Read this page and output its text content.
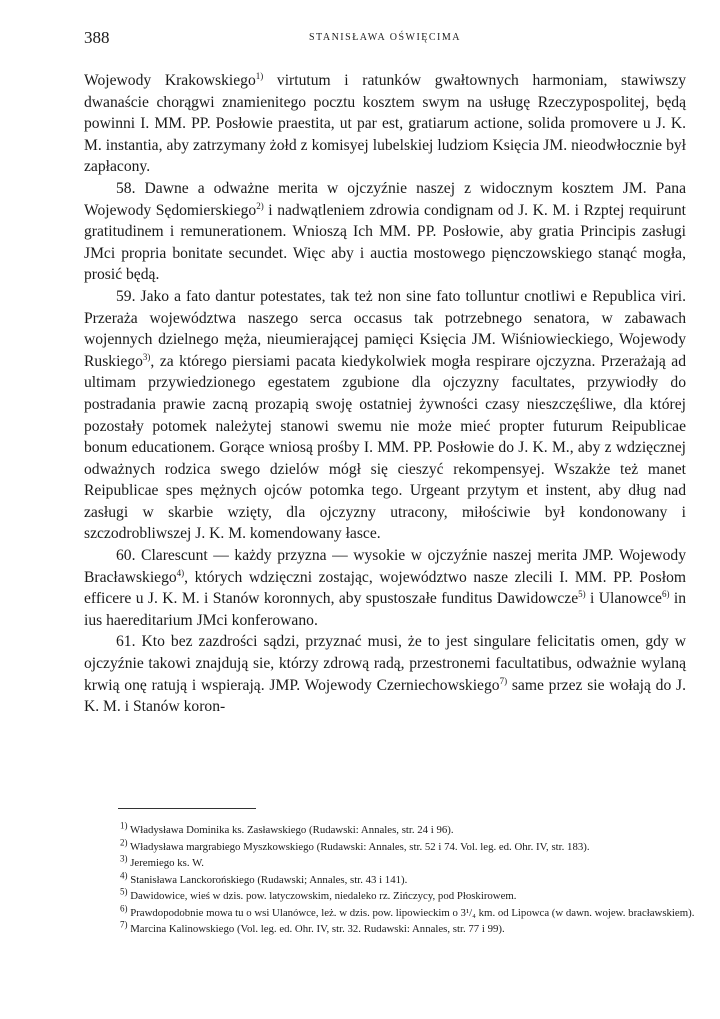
388	STANISŁAWA OŚWIĘCIMA

Wojewody Krakowskiego$^{1)}$ virtutum i ratunków gwałtownych harmoniam, stawiwszy dwanaście chorągwi znamienitego pocztu kosztem swym na usługę Rzeczypospolitej, będą powinni I. MM. PP. Posłowie praestita, ut par est, gratiarum actione, solida promovere u J. K. M. instantia, aby zatrzymany żołd z komisyej lubelskiej ludziom Księcia JM. nieodwłocznie był zapłacony.

58. Dawne a odważne merita w ojczyźnie naszej z widocznym kosztem JM. Pana Wojewody Sędomierskiego$^{2)}$ i nadwątleniem zdrowia condignam od J. K. M. i Rzptej requirunt gratitudinem i remunerationem. Wnioszą Ich MM. PP. Posłowie, aby gratia Principis zasługi JMci propria bonitate secundet. Więc aby i auctia mostowego pięnczowskiego stanąć mogła, prosić będą.

59. Jako a fato dantur potestates, tak też non sine fato tolluntur cnotliwi e Republica viri. Przeraża województwa naszego serca occasus tak potrzebnego senatora, w zabawach wojennych dzielnego męża, nieumierającej pamięci Księcia JM. Wiśniowieckiego, Wojewody Ruskiego$^{3)}$, za którego piersiami pacata kiedykolwiek mogła respirare ojczyzna. Przerażają ad ultimam przywiedzionego egestatem zgubione dla ojczyzny facultates, przywiodły do postradania prawie zacną prozapią swoję ostatniej żywności czasy nieszczęśliwe, dla której pozostały potomek należytej stanowi swemu nie może mieć propter futurum Reipublicae bonum educationem. Gorące wniosą prośby I. MM. PP. Posłowie do J. K. M., aby z wdzięcznej odważnych rodzica swego dzielów mógł się cieszyć rekompensyej. Wszakże też manet Reipublicae spes mężnych ojców potomka tego. Urgeant przytym et instent, aby dług nad zasługi w skarbie wzięty, dla ojczyzny utracony, miłościwie był kondonowany i szczodrobliwszej J. K. M. komendowany łasce.

60. Clarescunt — każdy przyzna — wysokie w ojczyźnie naszej merita JMP. Wojewody Bracławskiego$^{4)}$, których wdzięczni zostając, województwo nasze zlecili I. MM. PP. Posłom efficere u J. K. M. i Stanów koronnych, aby spustoszałe funditus Dawidowcze$^{5)}$ i Ulanowce$^{6)}$ in ius haereditarium JMci konferowano.

61. Kto bez zazdrości sądzi, przyznać musi, że to jest singulare felicitatis omen, gdy w ojczyźnie takowi znajdują sie, którzy zdrową radą, przestronemi facultatibus, odważnie wylaną krwią onę ratują i wspierają. JMP. Wojewody Czerniechowskiego$^{7)}$ same przez sie wołają do J. K. M. i Stanów koron-

$^{1)}$ Władysława Dominika ks. Zasławskiego (Rudawski: Annales, str. 24 i 96).

$^{2)}$ Władysława margrabiego Myszkowskiego (Rudawski: Annales, str. 52 i 74. Vol. leg. ed. Ohr. IV, str. 183).

$^{3)}$ Jeremiego ks. W.

$^{4)}$ Stanisława Lanckorońskiego (Rudawski; Annales, str. 43 i 141).

$^{5)}$ Dawidowice, wieś w dzis. pow. latyczowskim, niedaleko rz. Zińczycy, pod Płoskirowem.

$^{6)}$ Prawdopodobnie mowa tu o wsi Ulanówce, leż. w dzis. pow. lipowieckim o 3¹/₄ km. od Lipowca (w dawn. wojew. bracławskiem).

$^{7)}$ Marcina Kalinowskiego (Vol. leg. ed. Ohr. IV, str. 32. Rudawski: Annales, str. 77 i 99).
